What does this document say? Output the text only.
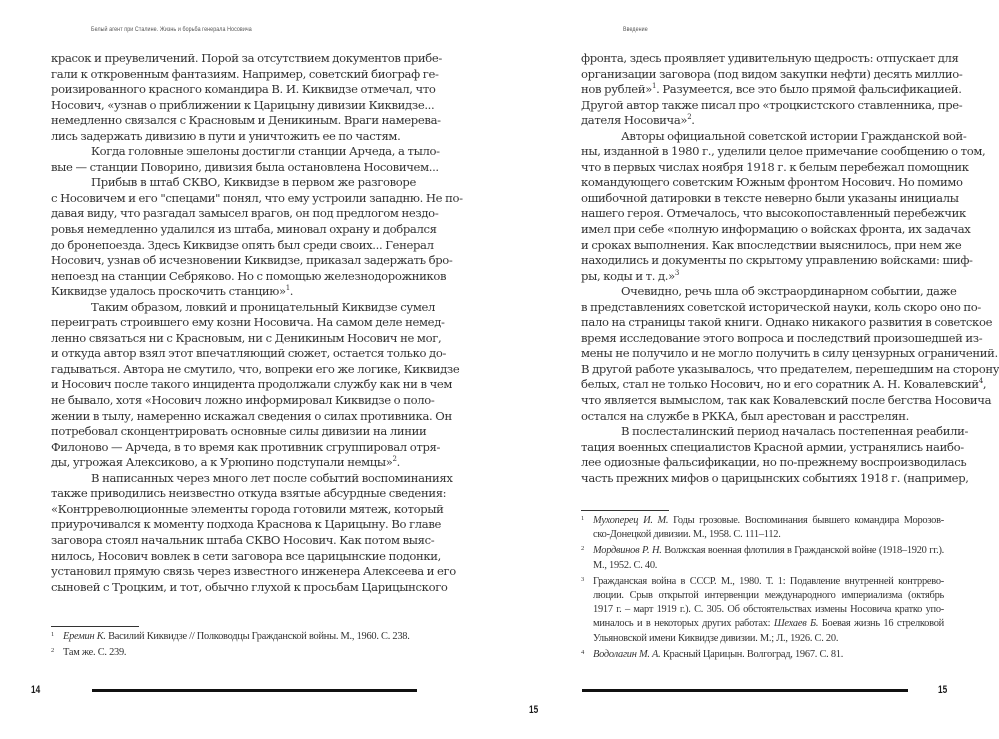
Белый агент при Сталине. Жизнь и борьба генерала Носовича
красок и преувеличений. Порой за отсутствием документов прибе-
гали к откровенным фантазиям. Например, советский биограф ге-
роизированного красного командира В. И. Киквидзе отмечал, что
Носович, «узнав о приближении к Царицыну дивизии Киквидзе...
немедленно связался с Красновым и Деникиным. Враги намерева-
лись задержать дивизию в пути и уничтожить ее по частям.
Когда головные эшелоны достигли станции Арчеда, а тыло-
вые — станции Поворино, дивизия была остановлена Носовичем...
Прибыв в штаб СКВО, Киквидзе в первом же разговоре
с Носовичем и его "спецами" понял, что ему устроили западню. Не по-
давая виду, что разгадал замысел врагов, он под предлогом нездо-
ровья немедленно удалился из штаба, миновал охрану и добрался
до бронепоезда. Здесь Киквидзе опять был среди своих... Генерал
Носович, узнав об исчезновении Киквидзе, приказал задержать бро-
непоезд на станции Себряково. Но с помощью железнодорожников
Киквидзе удалось проскочить станцию»$^1$.
Таким образом, ловкий и проницательный Киквидзе сумел
переиграть строившего ему козни Носовича. На самом деле немед-
ленно связаться ни с Красновым, ни с Деникиным Носович не мог,
и откуда автор взял этот впечатляющий сюжет, остается только до-
гадываться. Автора не смутило, что, вопреки его же логике, Киквидзе
и Носович после такого инцидента продолжали службу как ни в чем
не бывало, хотя «Носович ложно информировал Киквидзе о поло-
жении в тылу, намеренно искажал сведения о силах противника. Он
потребовал сконцентрировать основные силы дивизии на линии
Филоново — Арчеда, в то время как противник сгруппировал отря-
ды, угрожая Алексиково, а к Урюпино подступали немцы»$^2$.
В написанных через много лет после событий воспоминаниях
также приводились неизвестно откуда взятые абсурдные сведения:
«Контрреволюционные элементы города готовили мятеж, который
приурочивался к моменту подхода Краснова к Царицыну. Во главе
заговора стоял начальник штаба СКВО Носович. Как потом выяс-
нилось, Носович вовлек в сети заговора все царицынские подонки,
установил прямую связь через известного инженера Алексеева и его
сыновей с Троцким, и тот, обычно глухой к просьбам Царицынского
1 Еремин К. Василий Киквидзе // Полководцы Гражданской войны. М., 1960. С. 238.
2 Там же. С. 239.
14
Введение
фронта, здесь проявляет удивительную щедрость: отпускает для
организации заговора (под видом закупки нефти) десять миллио-
нов рублей»$^1$. Разумеется, все это было прямой фальсификацией.
Другой автор также писал про «троцкистского ставленника, пре-
дателя Носовича»$^2$.
Авторы официальной советской истории Гражданской вой-
ны, изданной в 1980 г., уделили целое примечание сообщению о том,
что в первых числах ноября 1918 г. к белым перебежал помощник
командующего советским Южным фронтом Носович. Но помимо
ошибочной датировки в тексте неверно были указаны инициалы
нашего героя. Отмечалось, что высокопоставленный перебежчик
имел при себе «полную информацию о войсках фронта, их задачах
и сроках выполнения. Как впоследствии выяснилось, при нем же
находились и документы по скрытому управлению войсками: шиф-
ры, коды и т. д.»$^3$
Очевидно, речь шла об экстраординарном событии, даже
в представлениях советской исторической науки, коль скоро оно по-
пало на страницы такой книги. Однако никакого развития в советское
время исследование этого вопроса и последствий произошедшей из-
мены не получило и не могло получить в силу цензурных ограничений.
В другой работе указывалось, что предателем, перешедшим на сторону
белых, стал не только Носович, но и его соратник А. Н. Ковалевский$^4$,
что является вымыслом, так как Ковалевский после бегства Носовича
остался на службе в РККА, был арестован и расстрелян.
В послесталинский период началась постепенная реабили-
тация военных специалистов Красной армии, устранялись наибо-
лее одиозные фальсификации, но по-прежнему воспроизводилась
часть прежних мифов о царицынских событиях 1918 г. (например,
1 Мухоперец И. М. Годы грозовые. Воспоминания бывшего командира Морозов-
ско-Донецкой дивизии. М., 1958. С. 111–112.
2 Мордвинов Р. Н. Волжская военная флотилия в Гражданской войне (1918–1920 гг.).
М., 1952. С. 40.
3 Гражданская война в СССР. М., 1980. Т. 1: Подавление внутренней контррево-
люции. Срыв открытой интервенции международного империализма (октябрь
1917 г. – март 1919 г.). С. 305. Об обстоятельствах измены Носовича кратко упо-
миналось и в некоторых других работах: Шехаев Б. Боевая жизнь 16 стрелковой
Ульяновской имени Киквидзе дивизии. М.; Л., 1926. С. 20.
4 Водолагин М. А. Красный Царицын. Волгоград, 1967. С. 81.
15
15
